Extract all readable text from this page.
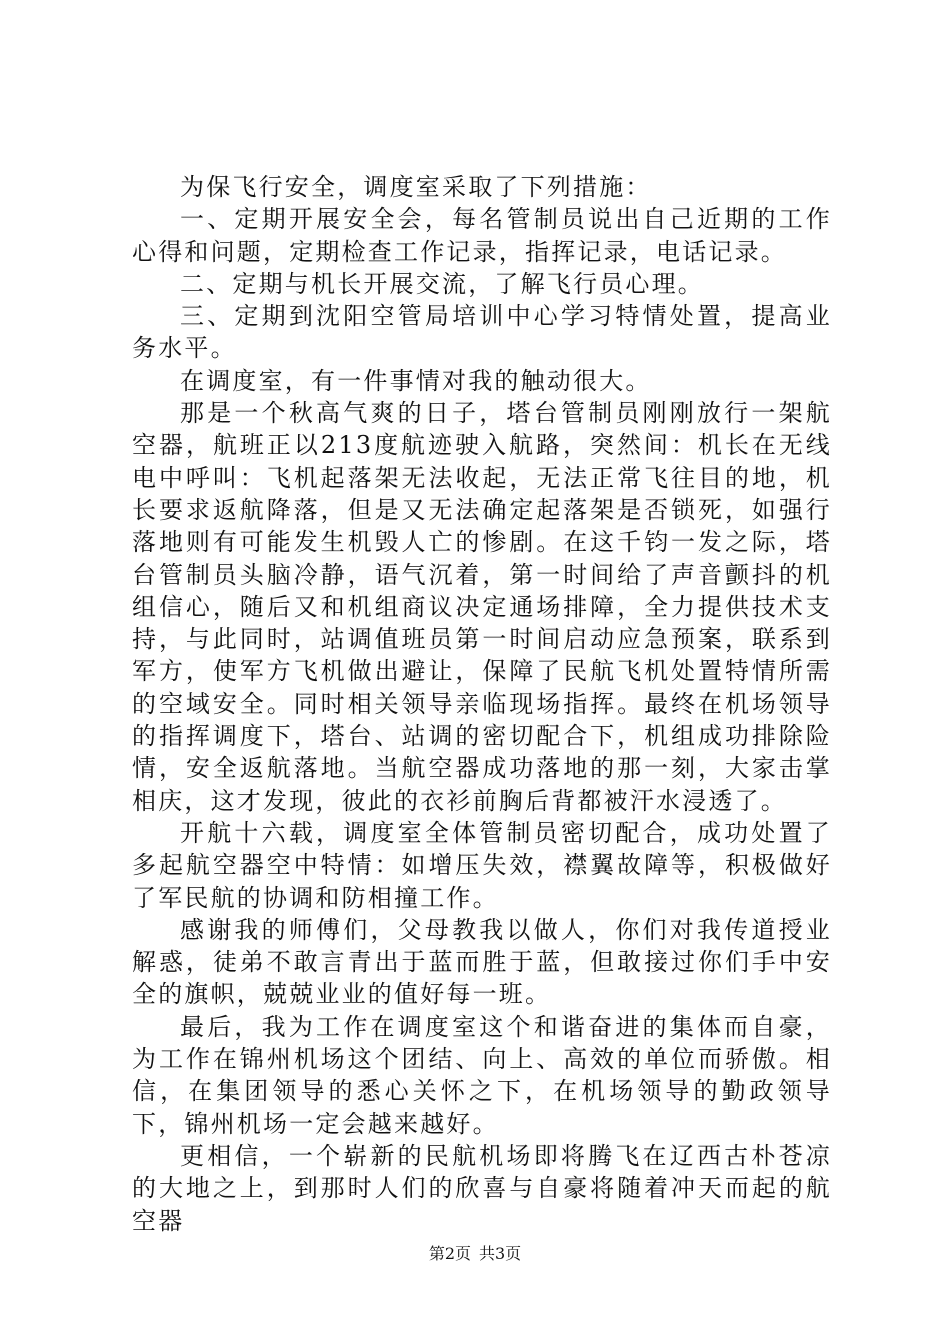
为保飞行安全，调度室采取了下列措施：

一、定期开展安全会，每名管制员说出自己近期的工作心得和问题，定期检查工作记录，指挥记录，电话记录。

二、定期与机长开展交流，了解飞行员心理。

三、定期到沈阳空管局培训中心学习特情处置，提高业务水平。

在调度室，有一件事情对我的触动很大。

那是一个秋高气爽的日子，塔台管制员刚刚放行一架航空器，航班正以213度航迹驶入航路，突然间：机长在无线电中呼叫：飞机起落架无法收起，无法正常飞往目的地，机长要求返航降落，但是又无法确定起落架是否锁死，如强行落地则有可能发生机毁人亡的惨剧。在这千钧一发之际，塔台管制员头脑冷静，语气沉着，第一时间给了声音颤抖的机组信心，随后又和机组商议决定通场排障，全力提供技术支持，与此同时，站调值班员第一时间启动应急预案，联系到军方，使军方飞机做出避让，保障了民航飞机处置特情所需的空域安全。同时相关领导亲临现场指挥。最终在机场领导的指挥调度下，塔台、站调的密切配合下，机组成功排除险情，安全返航落地。当航空器成功落地的那一刻，大家击掌相庆，这才发现，彼此的衣衫前胸后背都被汗水浸透了。

开航十六载，调度室全体管制员密切配合，成功处置了多起航空器空中特情：如增压失效，襟翼故障等，积极做好了军民航的协调和防相撞工作。

感谢我的师傅们，父母教我以做人，你们对我传道授业解惑，徒弟不敢言青出于蓝而胜于蓝，但敢接过你们手中安全的旗帜，兢兢业业的值好每一班。

最后，我为工作在调度室这个和谐奋进的集体而自豪，为工作在锦州机场这个团结、向上、高效的单位而骄傲。相信，在集团领导的悉心关怀之下，在机场领导的勤政领导下，锦州机场一定会越来越好。

更相信，一个崭新的民航机场即将腾飞在辽西古朴苍凉的大地之上，到那时人们的欣喜与自豪将随着冲天而起的航空器

第2页 共3页
